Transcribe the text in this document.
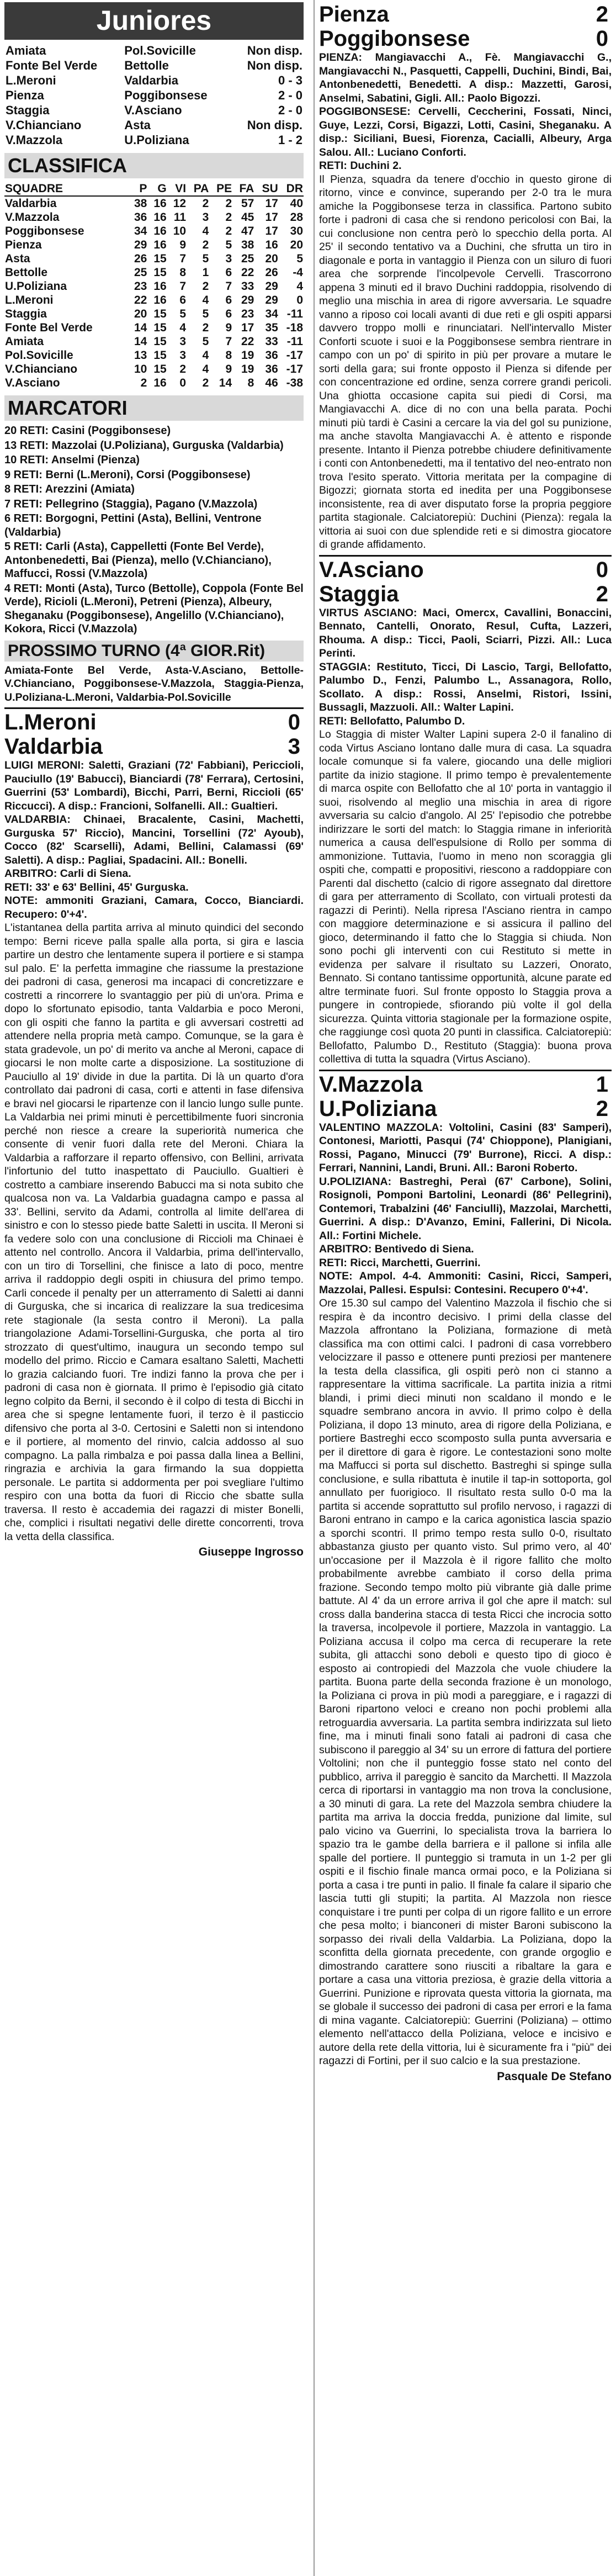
Juniores
Amiata	Pol.Sovicille	Non disp.
Fonte Bel Verde	Bettolle	Non disp.
L.Meroni	Valdarbia	0 - 3
Pienza	Poggibonsese	2 - 0
Staggia	V.Asciano	2 - 0
V.Chianciano	Asta	Non disp.
V.Mazzola	U.Poliziana	1 - 2
CLASSIFICA
SQUADRE	P	G	VI	PA	PE	FA	SU	DR
Valdarbia	38	16	12	2	2	57	17	40
V.Mazzola	36	16	11	3	2	45	17	28
Poggibonsese	34	16	10	4	2	47	17	30
Pienza	29	16	9	2	5	38	16	20
Asta	26	15	7	5	3	25	20	5
Bettolle	25	15	8	1	6	22	26	-4
U.Poliziana	23	16	7	2	7	33	29	4
L.Meroni	22	16	6	4	6	29	29	0
Staggia	20	15	5	5	6	23	34	-11
Fonte Bel Verde	14	15	4	2	9	17	35	-18
Amiata	14	15	3	5	7	22	33	-11
Pol.Sovicille	13	15	3	4	8	19	36	-17
V.Chianciano	10	15	2	4	9	19	36	-17
V.Asciano	2	16	0	2	14	8	46	-38
MARCATORI

20 RETI: Casini (Poggibonsese)

13 RETI: Mazzolai (U.Poliziana), Gurguska (Valdarbia)

10 RETI: Anselmi (Pienza)

9 RETI: Berni (L.Meroni), Corsi (Poggibonsese)

8 RETI: Arezzini (Amiata)

7 RETI: Pellegrino (Staggia), Pagano (V.Mazzola)

6 RETI: Borgogni, Pettini (Asta), Bellini, Ventrone (Valdarbia)

5 RETI: Carli (Asta), Cappelletti (Fonte Bel Verde), Antonbenedetti, Bai (Pienza), mello (V.Chianciano), Maffucci, Rossi (V.Mazzola)

4 RETI: Monti (Asta), Turco (Bettolle), Coppola (Fonte Bel Verde), Ricioli (L.Meroni), Petreni (Pienza), Albeury, Sheganaku (Poggibonsese), Angelillo (V.Chianciano), Kokora, Ricci (V.Mazzola)

PROSSIMO TURNO (4ª GIOR.Rit)

Amiata-Fonte Bel Verde, Asta-V.Asciano, Bettolle-V.Chianciano, Poggibonsese-V.Mazzola, Staggia-Pienza, U.Poliziana-L.Meroni, Valdarbia-Pol.Sovicille

L.Meroni	0
Valdarbia	3

LUIGI MERONI: Saletti, Graziani (72' Fabbiani), Periccioli, Pauciullo (19' Babucci), Bianciardi (78' Ferrara), Certosini, Guerrini (53' Lombardi), Bicchi, Parri, Berni, Riccioli (65' Riccucci). A disp.: Francioni, Solfanelli. All.: Gualtieri.

VALDARBIA: Chinaei, Bracalente, Casini, Machetti, Gurguska 57' Riccio), Mancini, Torsellini (72' Ayoub), Cocco (82' Scarselli), Adami, Bellini, Calamassi (69' Saletti). A disp.: Pagliai, Spadacini. All.: Bonelli.

ARBITRO: Carli di Siena.

RETI: 33' e 63' Bellini, 45' Gurguska.

NOTE: ammoniti Graziani, Camara, Cocco, Bianciardi. Recupero: 0'+4'.

L'istantanea della partita arriva al minuto quindici del secondo tempo: Berni riceve palla spalle alla porta, si gira e lascia partire un destro che lentamente supera il portiere e si stampa sul palo. E' la perfetta immagine che riassume la prestazione dei padroni di casa, generosi ma incapaci di concretizzare e costretti a rincorrere lo svantaggio per più di un'ora. Prima e dopo lo sfortunato episodio, tanta Valdarbia e poco Meroni, con gli ospiti che fanno la partita e gli avversari costretti ad attendere nella propria metà campo. Comunque, se la gara è stata gradevole, un po' di merito va anche al Meroni, capace di giocarsi le non molte carte a disposizione. La sostituzione di Pauciullo al 19' divide in due la partita. Di là un quarto d'ora controllato dai padroni di casa, corti e attenti in fase difensiva e bravi nel giocarsi le ripartenze con il lancio lungo sulle punte. La Valdarbia nei primi minuti è percettibilmente fuori sincronia perché non riesce a creare la superiorità numerica che consente di venir fuori dalla rete del Meroni. Chiara la Valdarbia a rafforzare il reparto offensivo, con Bellini, arrivata l'infortunio del tutto inaspettato di Pauciullo. Gualtieri è costretto a cambiare inserendo Babucci ma si nota subito che qualcosa non va. La Valdarbia guadagna campo e passa al 33'. Bellini, servito da Adami, controlla al limite dell'area di sinistro e con lo stesso piede batte Saletti in uscita. Il Meroni si fa vedere solo con una conclusione di Riccioli ma Chinaei è attento nel controllo. Ancora il Valdarbia, prima dell'intervallo, con un tiro di Torsellini, che finisce a lato di poco, mentre arriva il raddoppio degli ospiti in chiusura del primo tempo. Carli concede il penalty per un atterramento di Saletti ai danni di Gurguska, che si incarica di realizzare la sua tredicesima rete stagionale (la sesta contro il Meroni). La palla triangolazione Adami-Torsellini-Gurguska, che porta al tiro strozzato di quest'ultimo, inaugura un secondo tempo sul modello del primo. Riccio e Camara esaltano Saletti, Machetti lo grazia calciando fuori. Tre indizi fanno la prova che per i padroni di casa non è giornata. Il primo è l'episodio già citato legno colpito da Berni, il secondo è il colpo di testa di Bicchi in area che si spegne lentamente fuori, il terzo è il pasticcio difensivo che porta al 3-0. Certosini e Saletti non si intendono e il portiere, al momento del rinvio, calcia addosso al suo compagno. La palla rimbalza e poi passa dalla linea a Bellini, ringrazia e archivia la gara firmando la sua doppietta personale. Le partita si addormenta per poi svegliare l'ultimo respiro con una botta da fuori di Riccio che sbatte sulla traversa. Il resto è accademia dei ragazzi di mister Bonelli, che, complici i risultati negativi delle dirette concorrenti, trova la vetta della classifica.

Giuseppe Ingrosso
Pienza	2
Poggibonsese	0

PIENZA: Mangiavacchi A., Fè. Mangiavacchi G., Mangiavacchi N., Pasquetti, Cappelli, Duchini, Bindi, Bai, Antonbenedetti, Benedetti. A disp.: Mazzetti, Garosi, Anselmi, Sabatini, Gigli. All.: Paolo Bigozzi.

POGGIBONSESE: Cervelli, Ceccherini, Fossati, Ninci, Guye, Lezzi, Corsi, Bigazzi, Lotti, Casini, Sheganaku. A disp.: Siciliani, Buesi, Fiorenza, Cacialli, Albeury, Arga Salou. All.: Luciano Conforti.

RETI: Duchini 2.

Il Pienza, squadra da tenere d'occhio in questo girone di ritorno, vince e convince, superando per 2-0 tra le mura amiche la Poggibonsese terza in classifica. Partono subito forte i padroni di casa che si rendono pericolosi con Bai, la cui conclusione non centra però lo specchio della porta. Al 25' il secondo tentativo va a Duchini, che sfrutta un tiro in diagonale e porta in vantaggio il Pienza con un siluro di fuori area che sorprende l'incolpevole Cervelli. Trascorrono appena 3 minuti ed il bravo Duchini raddoppia, risolvendo di meglio una mischia in area di rigore avversaria. Le squadre vanno a riposo coi locali avanti di due reti e gli ospiti apparsi davvero troppo molli e rinunciatari. Nell'intervallo Mister Conforti scuote i suoi e la Poggibonsese sembra rientrare in campo con un po' di spirito in più per provare a mutare le sorti della gara; sui fronte opposto il Pienza si difende per con concentrazione ed ordine, senza correre grandi pericoli. Una ghiotta occasione capita sui piedi di Corsi, ma Mangiavacchi A. dice di no con una bella parata. Pochi minuti più tardi è Casini a cercare la via del gol su punizione, ma anche stavolta Mangiavacchi A. è attento e risponde presente. Intanto il Pienza potrebbe chiudere definitivamente i conti con Antonbenedetti, ma il tentativo del neo-entrato non trova l'esito sperato. Vittoria meritata per la compagine di Bigozzi; giornata storta ed inedita per una Poggibonsese inconsistente, rea di aver disputato forse la propria peggiore partita stagionale. Calciatorepiù: Duchini (Pienza): regala la vittoria ai suoi con due splendide reti e si dimostra giocatore di grande affidamento.

V.Asciano	0
Staggia	2

VIRTUS ASCIANO: Maci, Omercx, Cavallini, Bonaccini, Bennato, Cantelli, Onorato, Resul, Cufta, Lazzeri, Rhouma. A disp.: Ticci, Paoli, Sciarri, Pizzi. All.: Luca Perinti.

STAGGIA: Restituto, Ticci, Di Lascio, Targi, Bellofatto, Palumbo D., Fenzi, Palumbo L., Assanagora, Rollo, Scollato. A disp.: Rossi, Anselmi, Ristori, Issini, Bussagli, Mazzuoli. All.: Walter Lapini.

RETI: Bellofatto, Palumbo D.

Lo Staggia di mister Walter Lapini supera 2-0 il fanalino di coda Virtus Asciano lontano dalle mura di casa. La squadra locale comunque si fa valere, giocando una delle migliori partite da inizio stagione. Il primo tempo è prevalentemente di marca ospite con Bellofatto che al 10' porta in vantaggio il suoi, risolvendo al meglio una mischia in area di rigore avversaria su calcio d'angolo. Al 25' l'episodio che potrebbe indirizzare le sorti del match: lo Staggia rimane in inferiorità numerica a causa dell'espulsione di Rollo per somma di ammonizione. Tuttavia, l'uomo in meno non scoraggia gli ospiti che, compatti e propositivi, riescono a raddoppiare con Parenti dal dischetto (calcio di rigore assegnato dal direttore di gara per atterramento di Scollato, con virtuali protesti da ragazzi di Perinti). Nella ripresa l'Asciano rientra in campo con maggiore determinazione e si assicura il pallino del gioco, determinando il fatto che lo Staggia si chiuda. Non sono pochi gli interventi con cui Restituto si mette in evidenza per salvare il risultato su Lazzeri, Onorato, Bennato. Si contano tantissime opportunità, alcune parate ed altre terminate fuori. Sul fronte opposto lo Staggia prova a pungere in contropiede, sfiorando più volte il gol della sicurezza. Quinta vittoria stagionale per la formazione ospite, che raggiunge così quota 20 punti in classifica. Calciatorepiù: Bellofatto, Palumbo D., Restituto (Staggia): buona prova collettiva di tutta la squadra (Virtus Asciano).

V.Mazzola	1
U.Poliziana	2

VALENTINO MAZZOLA: Voltolini, Casini (83' Samperi), Contonesi, Mariotti, Pasqui (74' Chioppone), Planigiani, Rossi, Pagano, Minucci (79' Burrone), Ricci. A disp.: Ferrari, Nannini, Landi, Bruni. All.: Baroni Roberto.

U.POLIZIANA: Bastreghi, Peraì (67' Carbone), Solini, Rosignoli, Pomponi Bartolini, Leonardi (86' Pellegrini), Contemori, Trabalzini (46' Fanciulli), Mazzolai, Marchetti, Guerrini. A disp.: D'Avanzo, Emini, Fallerini, Di Nicola. All.: Fortini Michele.

ARBITRO: Bentivedo di Siena.

RETI: Ricci, Marchetti, Guerrini.

NOTE: Ampol. 4-4. Ammoniti: Casini, Ricci, Samperi, Mazzolai, Pallesi. Espulsi: Contesini. Recupero 0'+4'.

Ore 15.30 sul campo del Valentino Mazzola il fischio che si respira è da incontro decisivo. I primi della classe del Mazzola affrontano la Poliziana, formazione di metà classifica ma con ottimi calci. I padroni di casa vorrebbero velocizzare il passo e ottenere punti preziosi per mantenere la testa della classifica, gli ospiti però non ci stanno a rappresentare la vittima sacrificale. La partita inizia a ritmi blandi, i primi dieci minuti non scaldano il mondo e le squadre sembrano ancora in avvio. Il primo colpo è della Poliziana, il dopo 13 minuto, area di rigore della Poliziana, e portiere Bastreghi ecco scomposto sulla punta avversaria e per il direttore di gara è rigore. Le contestazioni sono molte ma Maffucci si porta sul dischetto. Bastreghi si spinge sulla conclusione, e sulla ribattuta è inutile il tap-in sottoporta, gol annullato per fuorigioco. Il risultato resta sullo 0-0 ma la partita si accende soprattutto sul profilo nervoso, i ragazzi di Baroni entrano in campo e la carica agonistica lascia spazio a sporchi scontri. Il primo tempo resta sullo 0-0, risultato abbastanza giusto per quanto visto. Sul primo vero, al 40' un'occasione per il Mazzola è il rigore fallito che molto probabilmente avrebbe cambiato il corso della prima frazione. Secondo tempo molto più vibrante già dalle prime battute. Al 4' da un errore arriva il gol che apre il match: sul cross dalla banderina stacca di testa Ricci che incrocia sotto la traversa, incolpevole il portiere, Mazzola in vantaggio. La Poliziana accusa il colpo ma cerca di recuperare la rete subita, gli attacchi sono deboli e questo tipo di gioco è esposto ai contropiedi del Mazzola che vuole chiudere la partita. Buona parte della seconda frazione è un monologo, la Poliziana ci prova in più modi a pareggiare, e i ragazzi di Baroni ripartono veloci e creano non pochi problemi alla retroguardia avversaria. La partita sembra indirizzata sul lieto fine, ma i minuti finali sono fatali ai padroni di casa che subiscono il pareggio al 34' su un errore di fattura del portiere Voltolini; non che il punteggio fosse stato nel conto del pubblico, arriva il pareggio è sancito da Marchetti. Il Mazzola cerca di riportarsi in vantaggio ma non trova la conclusione, a 30 minuti di gara. La rete del Mazzola sembra chiudere la partita ma arriva la doccia fredda, punizione dal limite, sul palo vicino va Guerrini, lo specialista trova la barriera lo spazio tra le gambe della barriera e il pallone si infila alle spalle del portiere. Il punteggio si tramuta in un 1-2 per gli ospiti e il fischio finale manca ormai poco, e la Poliziana si porta a casa i tre punti in palio. Il finale fa calare il sipario che lascia tutti gli stupiti; la partita. Al Mazzola non riesce conquistare i tre punti per colpa di un rigore fallito e un errore che pesa molto; i bianconeri di mister Baroni subiscono la sorpasso dei rivali della Valdarbia. La Poliziana, dopo la sconfitta della giornata precedente, con grande orgoglio e dimostrando carattere sono riusciti a ribaltare la gara e portare a casa una vittoria preziosa, è grazie della vittoria a Guerrini. Punizione e riprovata questa vittoria la giornata, ma se globale il successo dei padroni di casa per errori e la fama di mina vagante. Calciatorepiù: Guerrini (Poliziana) – ottimo elemento nell'attacco della Poliziana, veloce e incisivo e autore della rete della vittoria, lui è sicuramente fra i "più" dei ragazzi di Fortini, per il suo calcio e la sua prestazione.

Pasquale De Stefano
